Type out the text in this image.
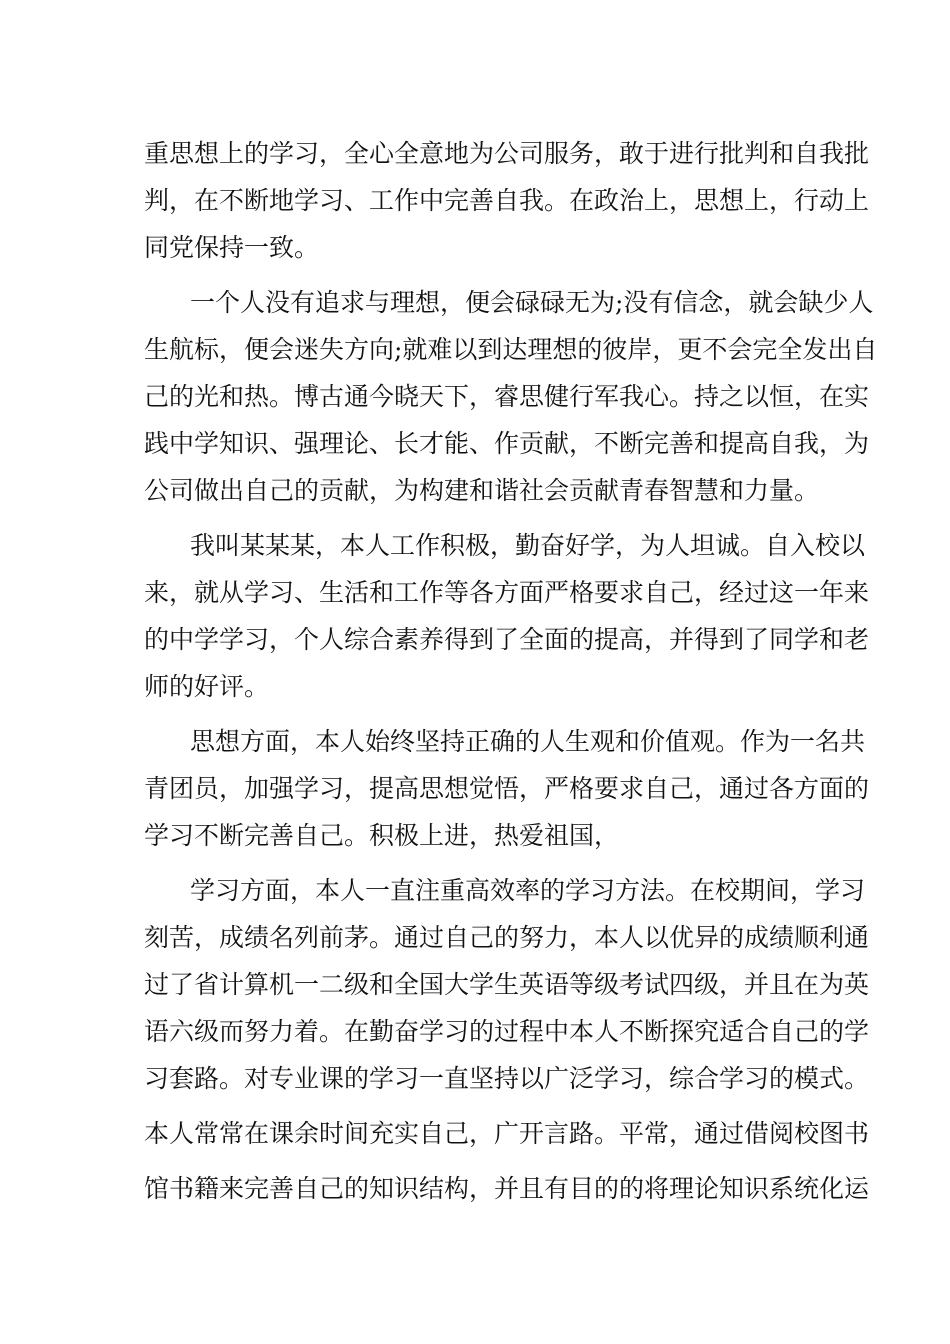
重思想上的学习，全心全意地为公司服务，敢于进行批判和自我批
判，在不断地学习、工作中完善自我。在政治上，思想上，行动上
同党保持一致。
一个人没有追求与理想，便会碌碌无为;没有信念，就会缺少人
生航标，便会迷失方向;就难以到达理想的彼岸，更不会完全发出自
己的光和热。博古通今晓天下，睿思健行军我心。持之以恒，在实
践中学知识、强理论、长才能、作贡献，不断完善和提高自我，为
公司做出自己的贡献，为构建和谐社会贡献青春智慧和力量。
我叫某某某，本人工作积极，勤奋好学，为人坦诚。自入校以
来，就从学习、生活和工作等各方面严格要求自己，经过这一年来
的中学学习，个人综合素养得到了全面的提高，并得到了同学和老
师的好评。
思想方面，本人始终坚持正确的人生观和价值观。作为一名共
青团员，加强学习，提高思想觉悟，严格要求自己，通过各方面的
学习不断完善自己。积极上进，热爱祖国，
学习方面，本人一直注重高效率的学习方法。在校期间，学习
刻苦，成绩名列前茅。通过自己的努力，本人以优异的成绩顺利通
过了省计算机一二级和全国大学生英语等级考试四级，并且在为英
语六级而努力着。在勤奋学习的过程中本人不断探究适合自己的学
习套路。对专业课的学习一直坚持以广泛学习，综合学习的模式。
本人常常在课余时间充实自己，广开言路。平常，通过借阅校图书
馆书籍来完善自己的知识结构，并且有目的的将理论知识系统化运
